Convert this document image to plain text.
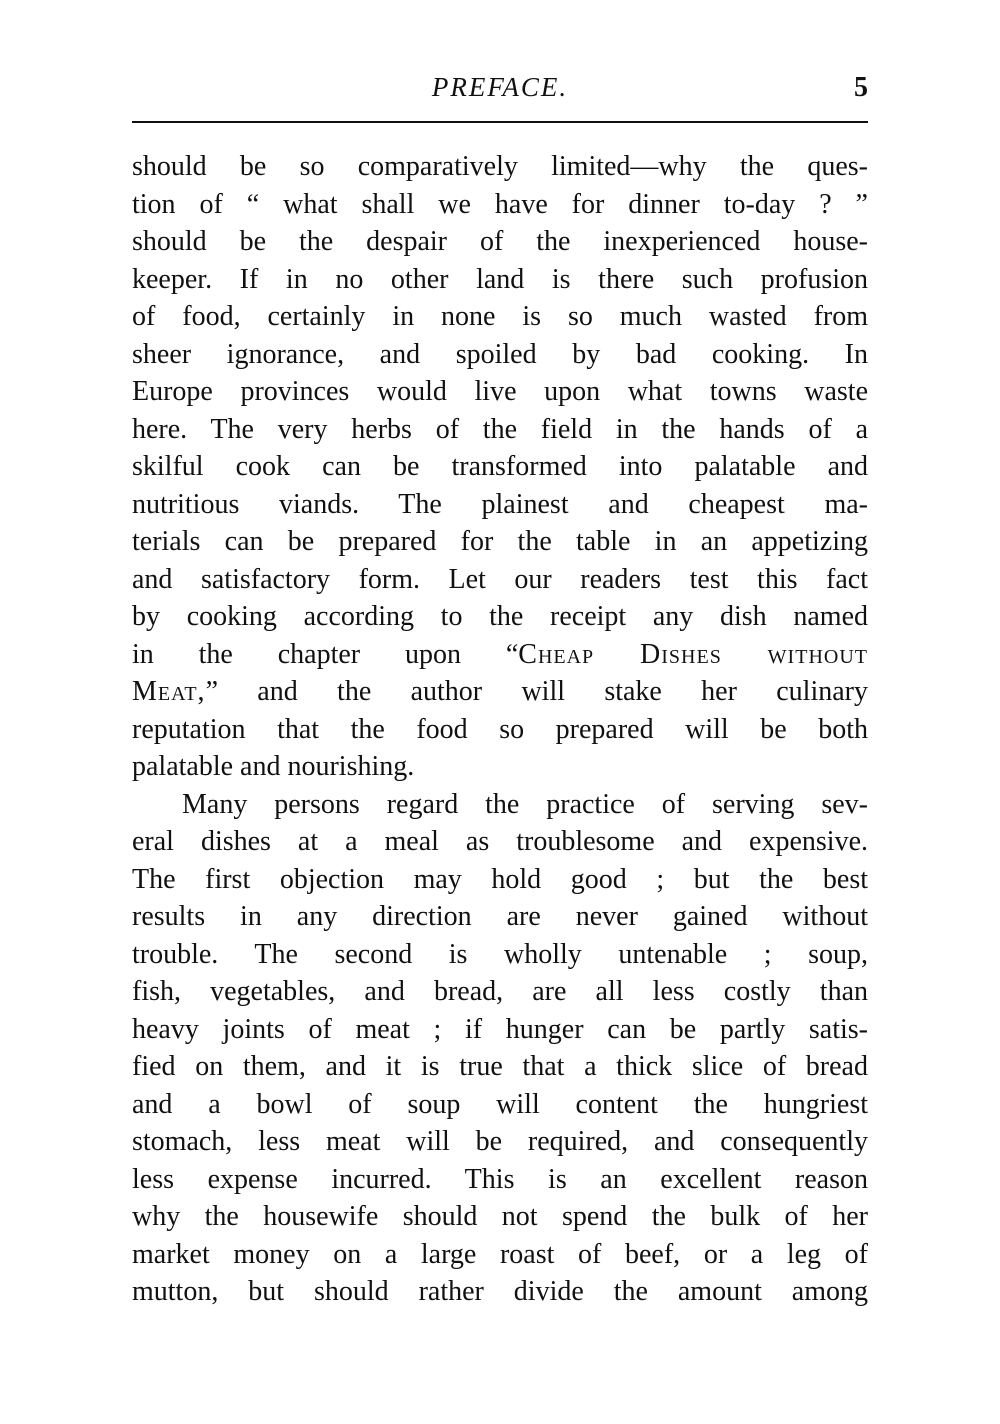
PREFACE.	5
should be so comparatively limited—why the ques-
tion of “ what shall we have for dinner to-day ? ”
should be the despair of the inexperienced house-
keeper. If in no other land is there such profusion
of food, certainly in none is so much wasted from
sheer ignorance, and spoiled by bad cooking. In
Europe provinces would live upon what towns waste
here. The very herbs of the field in the hands of a
skilful cook can be transformed into palatable and
nutritious viands. The plainest and cheapest ma-
terials can be prepared for the table in an appetizing
and satisfactory form. Let our readers test this fact
by cooking according to the receipt any dish named
in the chapter upon “Cheap Dishes without
Meat,” and the author will stake her culinary
reputation that the food so prepared will be both
palatable and nourishing.
Many persons regard the practice of serving sev-
eral dishes at a meal as troublesome and expensive.
The first objection may hold good ; but the best
results in any direction are never gained without
trouble. The second is wholly untenable ; soup,
fish, vegetables, and bread, are all less costly than
heavy joints of meat ; if hunger can be partly satis-
fied on them, and it is true that a thick slice of bread
and a bowl of soup will content the hungriest
stomach, less meat will be required, and consequently
less expense incurred. This is an excellent reason
why the housewife should not spend the bulk of her
market money on a large roast of beef, or a leg of
mutton, but should rather divide the amount among
